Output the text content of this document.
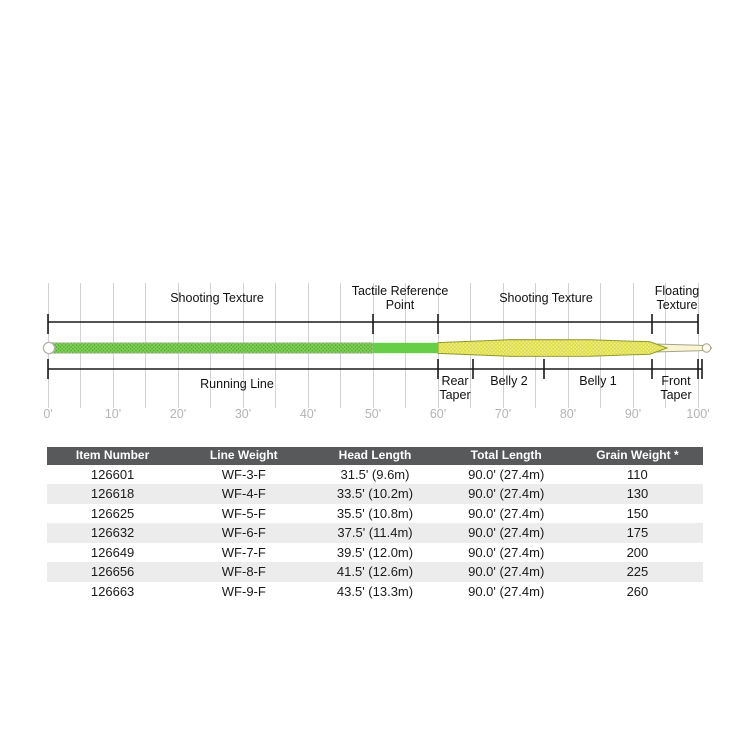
Shooting Texture	Tactile Reference Point	Shooting Texture	Floating Texture
Running Line	Rear Taper
Belly 2	Belly 1	Front Taper
0'	10'	20'	30'	40'	50'	60'	70'	80'	90'	100'
Item Number	Line Weight	Head Length	Total Length	Grain Weight *
126601	WF-3-F	31.5' (9.6m)	90.0' (27.4m)	110
126618	WF-4-F	33.5' (10.2m)	90.0' (27.4m)	130
126625	WF-5-F	35.5' (10.8m)	90.0' (27.4m)	150
126632	WF-6-F	37.5' (11.4m)	90.0' (27.4m)	175
126649	WF-7-F	39.5' (12.0m)	90.0' (27.4m)	200
126656	WF-8-F	41.5' (12.6m)	90.0' (27.4m)	225
126663	WF-9-F	43.5' (13.3m)	90.0' (27.4m)	260
